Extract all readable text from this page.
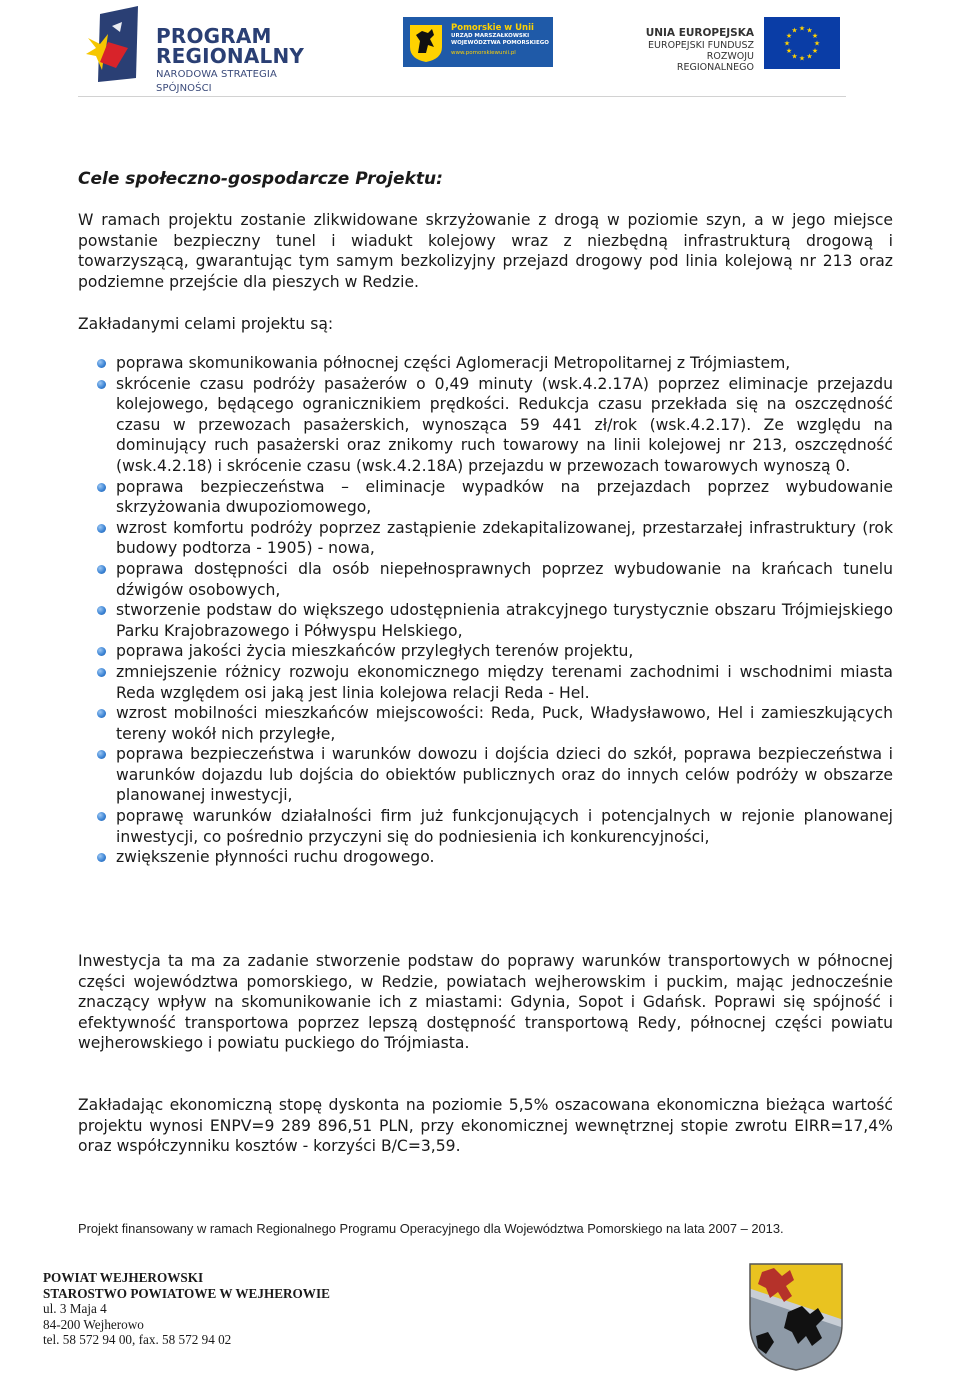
PROGRAM
REGIONALNY
NARODOWA STRATEGIA SPÓJNOŚCI
Pomorskie w Unii
URZĄD MARSZAŁKOWSKI
WOJEWÓDZTWA POMORSKIEGO
www.pomorskiewunii.pl
UNIA EUROPEJSKA
EUROPEJSKI FUNDUSZ
ROZWOJU REGIONALNEGO
★
★
★
★
★
★
★
★
★ ★ ★
★
Cele społeczno-gospodarcze Projektu:

W ramach projektu zostanie zlikwidowane skrzyżowanie z drogą w poziomie szyn, a w jego miejsce powstanie bezpieczny tunel i wiadukt kolejowy wraz z niezbędną infrastrukturą drogową i towarzyszącą, gwarantując tym samym bezkolizyjny przejazd drogowy pod linia kolejową nr 213 oraz podziemne przejście dla pieszych w Redzie.

Zakładanymi celami projektu są:

poprawa skomunikowania północnej części Aglomeracji Metropolitarnej z Trójmiastem,
skrócenie czasu podróży pasażerów o 0,49 minuty (wsk.4.2.17A) poprzez eliminacje przejazdu kolejowego, będącego ogranicznikiem prędkości. Redukcja czasu przekłada się na oszczędność czasu w przewozach pasażerskich, wynosząca 59 441 zł/rok (wsk.4.2.17). Ze względu na dominujący ruch pasażerski oraz znikomy ruch towarowy na linii kolejowej nr 213, oszczędność (wsk.4.2.18) i skrócenie czasu (wsk.4.2.18A) przejazdu w przewozach towarowych wynoszą 0.
poprawa bezpieczeństwa – eliminacje wypadków na przejazdach poprzez wybudowanie skrzyżowania dwupoziomowego,
wzrost komfortu podróży poprzez zastąpienie zdekapitalizowanej, przestarzałej infrastruktury (rok budowy podtorza - 1905) - nowa,
poprawa dostępności dla osób niepełnosprawnych poprzez wybudowanie na krańcach tunelu dźwigów osobowych,
stworzenie podstaw do większego udostępnienia atrakcyjnego turystycznie obszaru Trójmiejskiego Parku Krajobrazowego i Półwyspu Helskiego,
poprawa jakości życia mieszkańców przyległych terenów projektu,
zmniejszenie różnicy rozwoju ekonomicznego między terenami zachodnimi i wschodnimi miasta Reda względem osi jaką jest linia kolejowa relacji Reda - Hel.
wzrost mobilności mieszkańców miejscowości: Reda, Puck, Władysławowo, Hel i zamieszkujących tereny wokół nich przyległe,
poprawa bezpieczeństwa i warunków dowozu i dojścia dzieci do szkół, poprawa bezpieczeństwa i warunków dojazdu lub dojścia do obiektów publicznych oraz do innych celów podróży w obszarze planowanej inwestycji,
poprawę warunków działalności firm już funkcjonujących i potencjalnych w rejonie planowanej inwestycji, co pośrednio przyczyni się do podniesienia ich konkurencyjności,
zwiększenie płynności ruchu drogowego.

Inwestycja ta ma za zadanie stworzenie podstaw do poprawy warunków transportowych w północnej części województwa pomorskiego, w Redzie, powiatach wejherowskim i puckim, mając jednocześnie znaczący wpływ na skomunikowanie ich z miastami: Gdynia, Sopot i Gdańsk. Poprawi się spójność i efektywność transportowa poprzez lepszą dostępność transportową Redy, północnej części powiatu wejherowskiego i powiatu puckiego do Trójmiasta.

Zakładając ekonomiczną stopę dyskonta na poziomie 5,5% oszacowana ekonomiczna bieżąca wartość projektu wynosi ENPV=9 289 896,51 PLN, przy ekonomicznej wewnętrznej stopie zwrotu EIRR=17,4% oraz współczynniku kosztów - korzyści B/C=3,59.

Projekt finansowany w ramach Regionalnego Programu Operacyjnego dla Województwa Pomorskiego na lata 2007 – 2013.

POWIAT WEJHEROWSKI
STAROSTWO POWIATOWE W WEJHEROWIE
ul. 3 Maja 4
84-200 Wejherowo
tel. 58 572 94 00, fax. 58 572 94 02
